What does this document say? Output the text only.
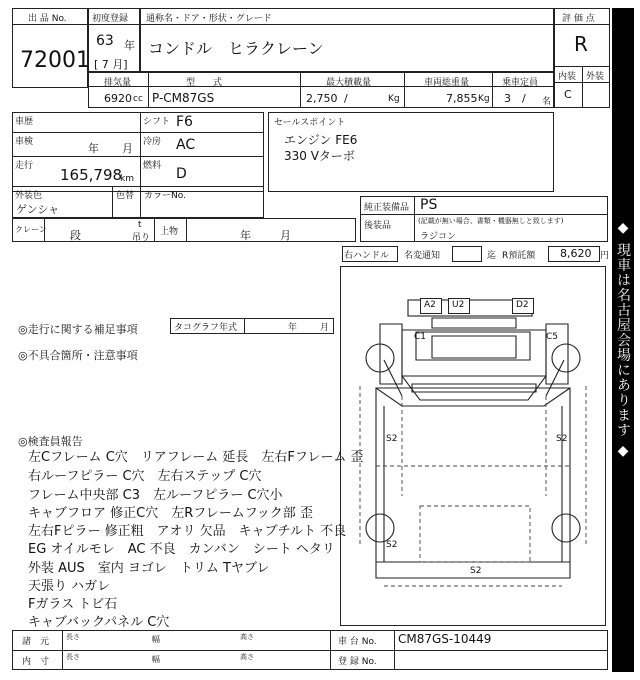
出 品 No.
72001
初度登録
63 年
[ 7 月]
通称名・ドア・形状・グレード
コンドル　ヒラクレーン
評 価 点
R
内装 外装
C
排気量	型　　式	最大積載量	車両総重量	乗車定員
6920 cc P-CM87GS	2,750 /	Kg	7,855 Kg 3 / 名
車歴	シフト F6
車検	年 月 冷房 AC
走行 165,798
km
燃料 D
セールスポイント
エンジン FE6
330 Vターボ
外装色
ゲンシャ
色替 カラーNo.
純正装備品 PS
後装品	(記載が無い場合、書類・機器無しと致します)
ラジコン
クレーン 段
t
吊り
上物	年	月
右ハンドル 名変通知	迄 R預託額 8,620 円
◎走行に関する補足事項	タコグラフ年式	年	月
◎不具合箇所・注意事項
◎検査員報告
左Cフレーム C穴　リアフレーム 延長　左右Fフレーム 歪
右ルーフピラー C穴　左右ステップ C穴
フレーム中央部 C3　左ルーフピラー C穴小
キャブフロア 修正C穴　左Rフレームフック部 歪
左右Fピラー 修正粗　アオリ 欠品　キャブチルト 不良
EG オイルモレ　AC 不良　カンバン　シート ヘタリ
外装 AUS　室内 ヨゴレ　トリム Tヤブレ
天張り ハガレ
Fガラス トビ石
キャブバックパネル C穴
A2 U2	D2
C1	C5
S2	S2
S2
S2
諸　元
内　寸
長さ	幅	高さ
長さ	幅	高さ
車 台 No. CM87GS-10449
登 録 No.
◆ 現車は名古屋会場にあります ◆
